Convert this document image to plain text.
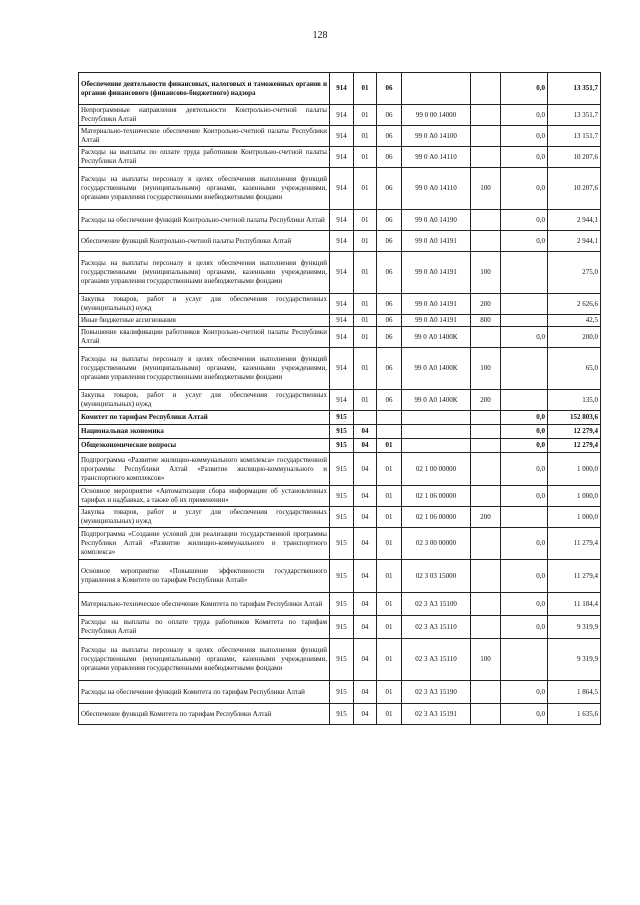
128
Обеспечение деятельности финансовых, налоговых и таможенных органов и органов финансового (финансово-бюджетного) надзора	914	01	06			0,0	13 351,7
Непрограммные направления деятельности Контрольно-счетной палаты Республики Алтай	914	01	06	99 0 00 14000		0,0	13 351,7
Материально-техническое обеспечение Контрольно-счетной палаты Республики Алтай	914	01	06	99 0 А0 14100		0,0	13 151,7
Расходы на выплаты по оплате труда работников Контрольно-счетной палаты Республики Алтай	914	01	06	99 0 А0 14110		0,0	10 207,6
Расходы на выплаты персоналу в целях обеспечения выполнения функций государственными (муниципальными) органами, казенными учреждениями, органами управления государственными внебюджетными фондами	914	01	06	99 0 А0 14110	100	0,0	10 207,6
Расходы на обеспечение функций Контрольно-счетной палаты Республики Алтай	914	01	06	99 0 А0 14190		0,0	2 944,1
Обеспечение функций Контрольно-счетной палаты Республики Алтай	914	01	06	99 0 А0 14191		0,0	2 944,1
Расходы на выплаты персоналу в целях обеспечения выполнения функций государственными (муниципальными) органами, казенными учреждениями, органами управления государственными внебюджетными фондами	914	01	06	99 0 А0 14191	100		275,0
Закупка товаров, работ и услуг для обеспечения государственных (муниципальных) нужд	914	01	06	99 0 А0 14191	200		2 626,6
Иные бюджетные ассигнования	914	01	06	99 0 А0 14191	800		42,5
Повышение квалификации работников Контрольно-счетной палаты Республики Алтай	914	01	06	99 0 А0 1400К		0,0	200,0
Расходы на выплаты персоналу в целях обеспечения выполнения функций государственными (муниципальными) органами, казенными учреждениями, органами управления государственными внебюджетными фондами	914	01	06	99 0 А0 1400К	100		65,0
Закупка товаров, работ и услуг для обеспечения государственных (муниципальных) нужд	914	01	06	99 0 А0 1400К	200		135,0
Комитет по тарифам Республики Алтай	915					0,0	152 803,6
Национальная экономика	915	04				0,0	12 279,4
Общеэкономические вопросы	915	04	01			0,0	12 279,4
Подпрограмма «Развитие жилищно-коммунального комплекса» государственной программы Республики Алтай «Развитие жилищно-коммунального и транспортного комплексов»	915	04	01	02 1 00 00000		0,0	1 000,0
Основное мероприятие «Автоматизация сбора информации об установленных тарифах и надбавках, а также об их применении»	915	04	01	02 1 06 00000		0,0	1 000,0
Закупка товаров, работ и услуг для обеспечения государственных (муниципальных) нужд	915	04	01	02 1 06 00000	200		1 000,0
Подпрограмма «Создание условий для реализации государственной программы Республики Алтай «Развитие жилищно-коммунального и транспортного комплекса»	915	04	01	02 3 00 00000		0,0	11 279,4
Основное мероприятие «Повышение эффективности государственного управления в Комитете по тарифам Республики Алтай»	915	04	01	02 3 03 15000		0,0	11 279,4
Материально-техническое обеспечение Комитета по тарифам Республики Алтай	915	04	01	02 3 А3 15100		0,0	11 184,4
Расходы на выплаты по оплате труда работников Комитета по тарифам Республики Алтай	915	04	01	02 3 А3 15110		0,0	9 319,9
Расходы на выплаты персоналу в целях обеспечения выполнения функций государственными (муниципальными) органами, казенными учреждениями, органами управления государственными внебюджетными фондами	915	04	01	02 3 А3 15110	100		9 319,9
Расходы на обеспечение функций Комитета по тарифам Республики Алтай	915	04	01	02 3 А3 15190		0,0	1 864,5
Обеспечение функций Комитета по тарифам Республики Алтай	915	04	01	02 3 А3 15191		0,0	1 635,6
